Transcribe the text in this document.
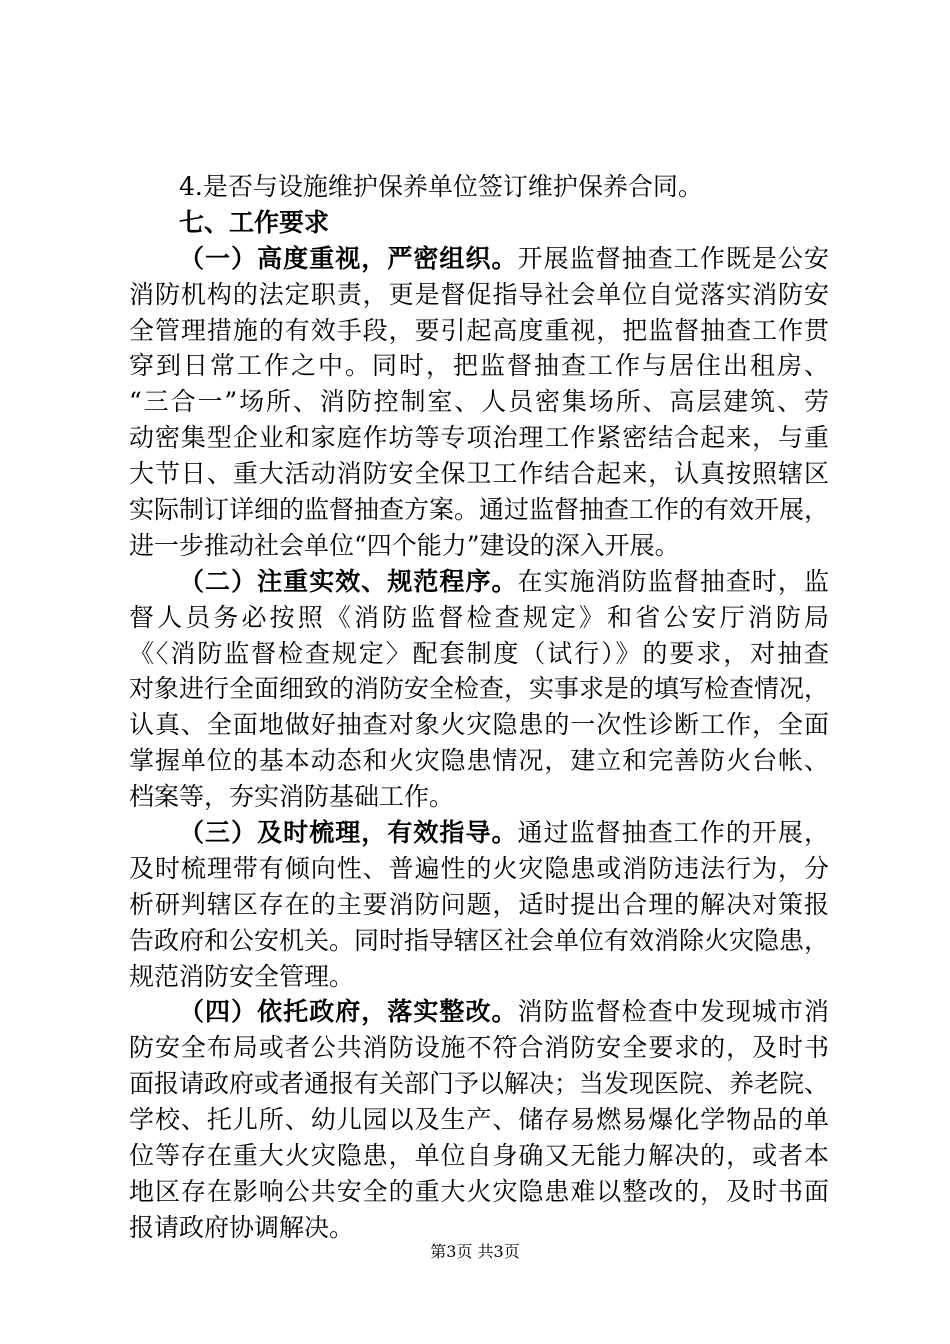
4.是否与设施维护保养单位签订维护保养合同。
七、工作要求
（一）高度重视，严密组织。开展监督抽查工作既是公安
消防机构的法定职责，更是督促指导社会单位自觉落实消防安
全管理措施的有效手段，要引起高度重视，把监督抽查工作贯
穿到日常工作之中。同时，把监督抽查工作与居住出租房、
“三合一”场所、消防控制室、人员密集场所、高层建筑、劳
动密集型企业和家庭作坊等专项治理工作紧密结合起来，与重
大节日、重大活动消防安全保卫工作结合起来，认真按照辖区
实际制订详细的监督抽查方案。通过监督抽查工作的有效开展，
进一步推动社会单位“四个能力”建设的深入开展。
（二）注重实效、规范程序。在实施消防监督抽查时，监
督人员务必按照《消防监督检查规定》和省公安厅消防局
《〈消防监督检查规定〉配套制度（试行）》的要求，对抽查
对象进行全面细致的消防安全检查，实事求是的填写检查情况，
认真、全面地做好抽查对象火灾隐患的一次性诊断工作，全面
掌握单位的基本动态和火灾隐患情况，建立和完善防火台帐、
档案等，夯实消防基础工作。
（三）及时梳理，有效指导。通过监督抽查工作的开展，
及时梳理带有倾向性、普遍性的火灾隐患或消防违法行为，分
析研判辖区存在的主要消防问题，适时提出合理的解决对策报
告政府和公安机关。同时指导辖区社会单位有效消除火灾隐患，
规范消防安全管理。
（四）依托政府，落实整改。消防监督检查中发现城市消
防安全布局或者公共消防设施不符合消防安全要求的，及时书
面报请政府或者通报有关部门予以解决；当发现医院、养老院、
学校、托儿所、幼儿园以及生产、储存易燃易爆化学物品的单
位等存在重大火灾隐患，单位自身确又无能力解决的，或者本
地区存在影响公共安全的重大火灾隐患难以整改的，及时书面
报请政府协调解决。
第3页 共3页
